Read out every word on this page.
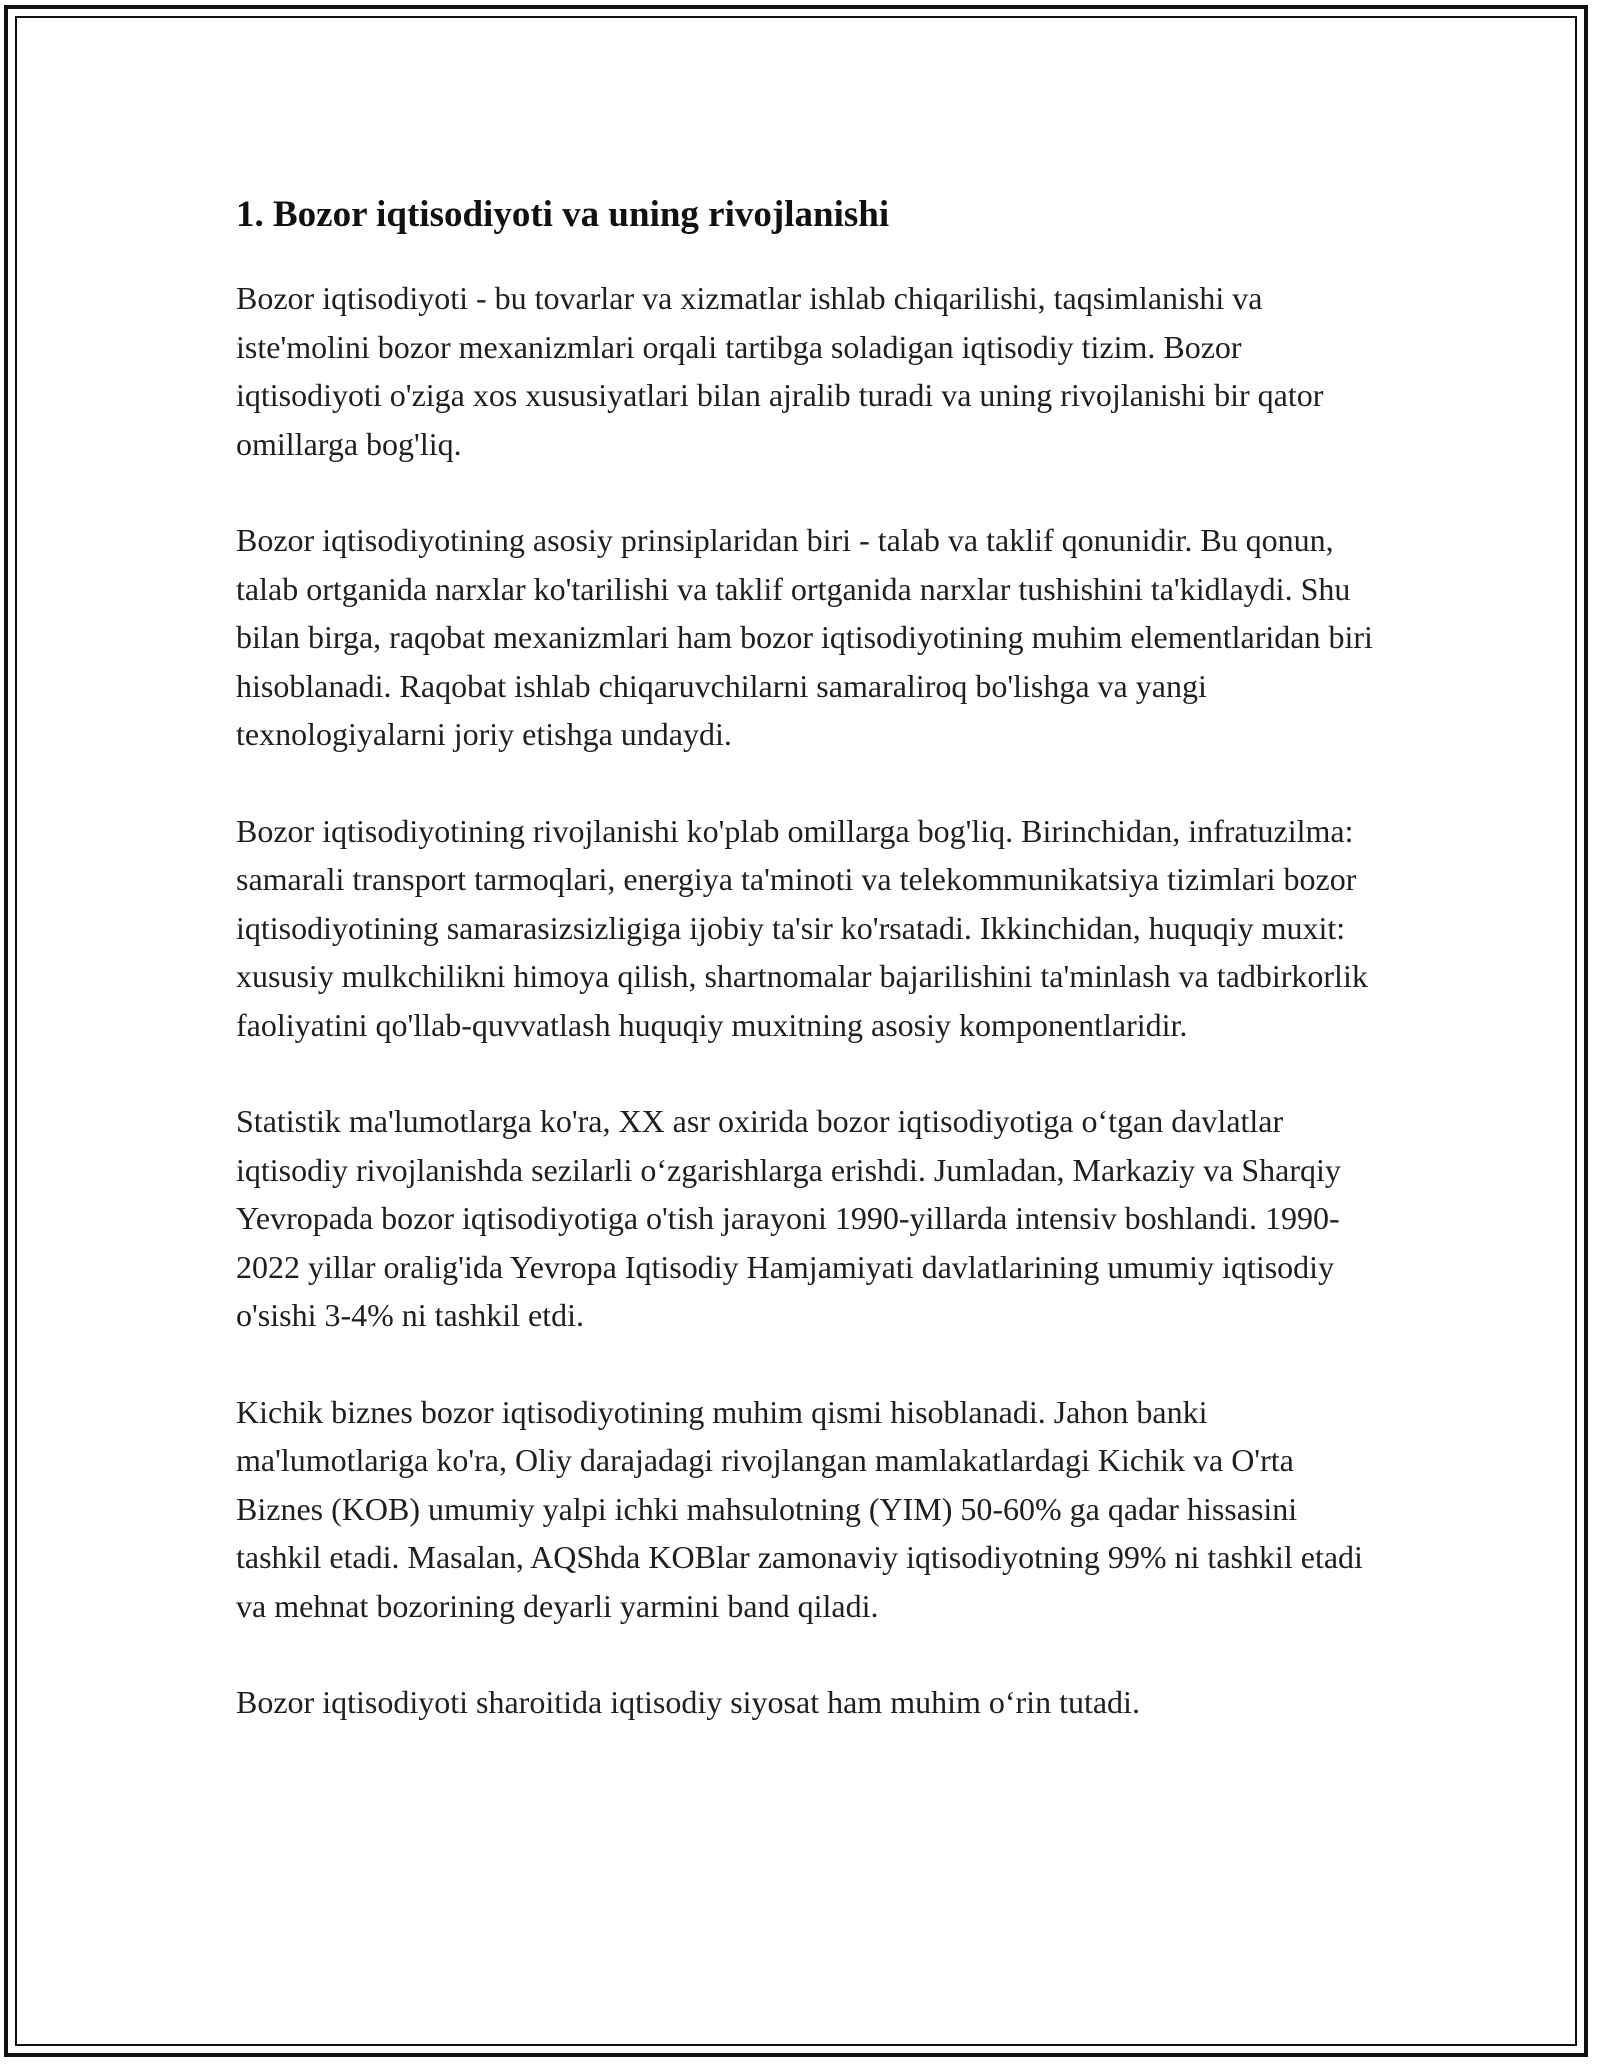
1. Bozor iqtisodiyoti va uning rivojlanishi

Bozor iqtisodiyoti - bu tovarlar va xizmatlar ishlab chiqarilishi, taqsimlanishi va iste'molini bozor mexanizmlari orqali tartibga soladigan iqtisodiy tizim. Bozor iqtisodiyoti o'ziga xos xususiyatlari bilan ajralib turadi va uning rivojlanishi bir qator omillarga bog'liq.

Bozor iqtisodiyotining asosiy prinsiplaridan biri - talab va taklif qonunidir. Bu qonun, talab ortganida narxlar ko'tarilishi va taklif ortganida narxlar tushishini ta'kidlaydi. Shu bilan birga, raqobat mexanizmlari ham bozor iqtisodiyotining muhim elementlaridan biri hisoblanadi. Raqobat ishlab chiqaruvchilarni samaraliroq bo'lishga va yangi texnologiyalarni joriy etishga undaydi.

Bozor iqtisodiyotining rivojlanishi ko'plab omillarga bog'liq. Birinchidan, infratuzilma: samarali transport tarmoqlari, energiya ta'minoti va telekommunikatsiya tizimlari bozor iqtisodiyotining samarasizsizligiga ijobiy ta'sir ko'rsatadi. Ikkinchidan, huquqiy muxit: xususiy mulkchilikni himoya qilish, shartnomalar bajarilishini ta'minlash va tadbirkorlik faoliyatini qo'llab-quvvatlash huquqiy muxitning asosiy komponentlaridir.

Statistik ma'lumotlarga ko'ra, XX asr oxirida bozor iqtisodiyotiga o‘tgan davlatlar iqtisodiy rivojlanishda sezilarli o‘zgarishlarga erishdi. Jumladan, Markaziy va Sharqiy Yevropada bozor iqtisodiyotiga o'tish jarayoni 1990-yillarda intensiv boshlandi. 1990-2022 yillar oralig'ida Yevropa Iqtisodiy Hamjamiyati davlatlarining umumiy iqtisodiy o'sishi 3-4% ni tashkil etdi.

Kichik biznes bozor iqtisodiyotining muhim qismi hisoblanadi. Jahon banki ma'lumotlariga ko'ra, Oliy darajadagi rivojlangan mamlakatlardagi Kichik va O'rta Biznes (KOB) umumiy yalpi ichki mahsulotning (YIM) 50-60% ga qadar hissasini tashkil etadi. Masalan, AQShda KOBlar zamonaviy iqtisodiyotning 99% ni tashkil etadi va mehnat bozorining deyarli yarmini band qiladi.

Bozor iqtisodiyoti sharoitida iqtisodiy siyosat ham muhim o‘rin tutadi.
